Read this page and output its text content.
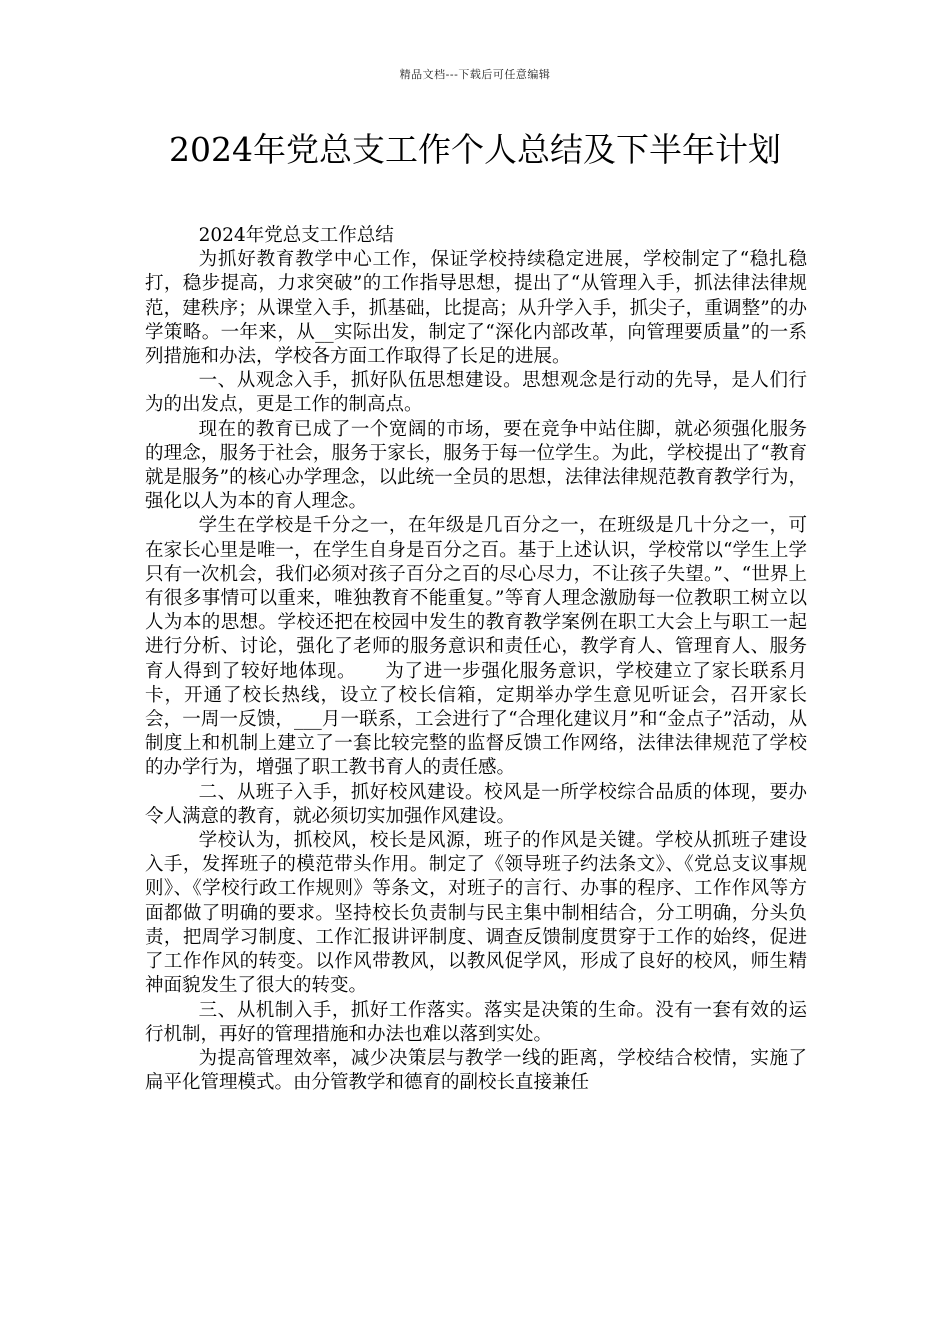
精品文档---下载后可任意编辑
2024年党总支工作个人总结及下半年计划

2024年党总支工作总结

为抓好教育教学中心工作，保证学校持续稳定进展，学校制定了“稳扎稳打，稳步提高，力求突破”的工作指导思想，提出了“从管理入手，抓法律法律规范，建秩序；从课堂入手，抓基础，比提高；从升学入手，抓尖子，重调整”的办学策略。一年来，从__实际出发，制定了“深化内部改革，向管理要质量”的一系列措施和办法，学校各方面工作取得了长足的进展。

一、从观念入手，抓好队伍思想建设。思想观念是行动的先导，是人们行为的出发点，更是工作的制高点。

现在的教育已成了一个宽阔的市场，要在竞争中站住脚，就必须强化服务的理念，服务于社会，服务于家长，服务于每一位学生。为此，学校提出了“教育就是服务”的核心办学理念，以此统一全员的思想，法律法律规范教育教学行为，强化以人为本的育人理念。

学生在学校是千分之一，在年级是几百分之一，在班级是几十分之一，可在家长心里是唯一，在学生自身是百分之百。基于上述认识，学校常以“学生上学只有一次机会，我们必须对孩子百分之百的尽心尽力，不让孩子失望。”、“世界上有很多事情可以重来，唯独教育不能重复。”等育人理念激励每一位教职工树立以人为本的思想。学校还把在校园中发生的教育教学案例在职工大会上与职工一起进行分析、讨论，强化了老师的服务意识和责任心，教学育人、管理育人、服务育人得到了较好地体现。　　为了进一步强化服务意识，学校建立了家长联系月卡，开通了校长热线，设立了校长信箱，定期举办学生意见听证会，召开家长会，一周一反馈，___月一联系，工会进行了“合理化建议月”和“金点子”活动，从制度上和机制上建立了一套比较完整的监督反馈工作网络，法律法律规范了学校的办学行为，增强了职工教书育人的责任感。

二、从班子入手，抓好校风建设。校风是一所学校综合品质的体现，要办令人满意的教育，就必须切实加强作风建设。

学校认为，抓校风，校长是风源，班子的作风是关键。学校从抓班子建设入手，发挥班子的模范带头作用。制定了《领导班子约法条文》、《党总支议事规则》、《学校行政工作规则》等条文，对班子的言行、办事的程序、工作作风等方面都做了明确的要求。坚持校长负责制与民主集中制相结合，分工明确，分头负责，把周学习制度、工作汇报讲评制度、调查反馈制度贯穿于工作的始终，促进了工作作风的转变。以作风带教风，以教风促学风，形成了良好的校风，师生精神面貌发生了很大的转变。

三、从机制入手，抓好工作落实。落实是决策的生命。没有一套有效的运行机制，再好的管理措施和办法也难以落到实处。

为提高管理效率，减少决策层与教学一线的距离，学校结合校情，实施了扁平化管理模式。由分管教学和德育的副校长直接兼任
